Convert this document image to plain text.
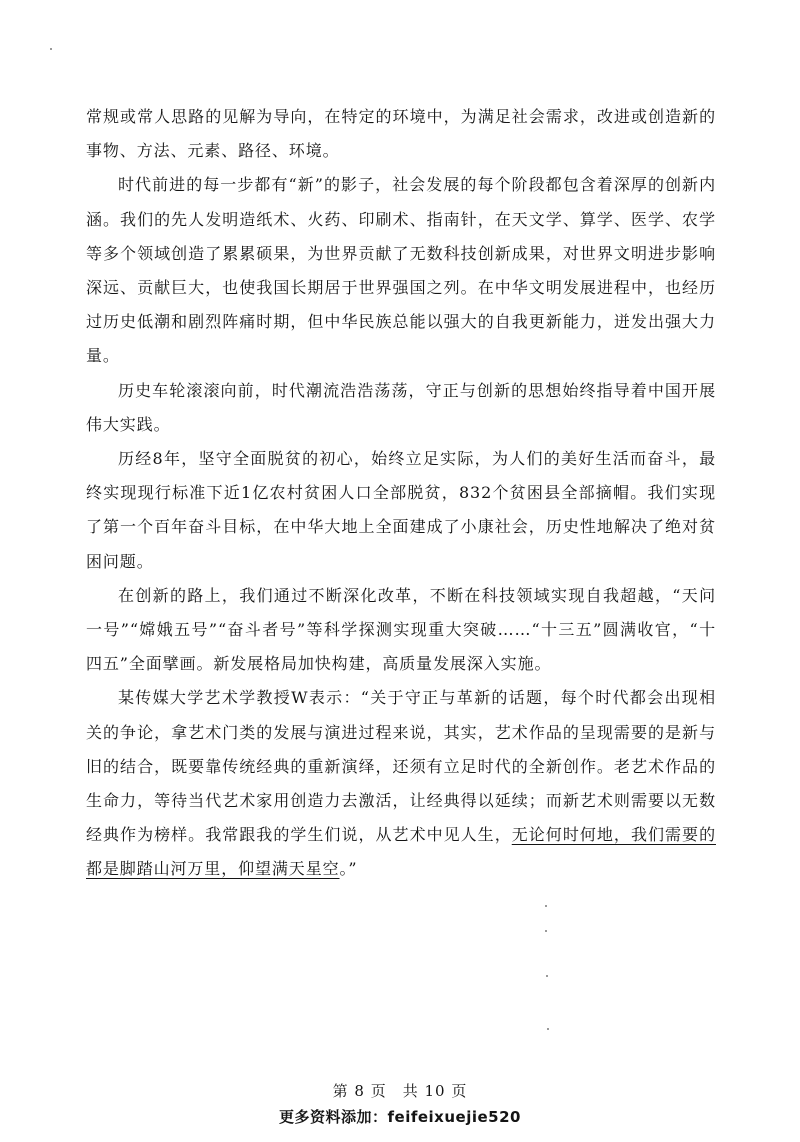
常规或常人思路的见解为导向，在特定的环境中，为满足社会需求，改进或创造新的事物、方法、元素、路径、环境。

时代前进的每一步都有“新”的影子，社会发展的每个阶段都包含着深厚的创新内涵。我们的先人发明造纸术、火药、印刷术、指南针，在天文学、算学、医学、农学等多个领域创造了累累硕果，为世界贡献了无数科技创新成果，对世界文明进步影响深远、贡献巨大，也使我国长期居于世界强国之列。在中华文明发展进程中，也经历过历史低潮和剧烈阵痛时期，但中华民族总能以强大的自我更新能力，迸发出强大力量。

历史车轮滚滚向前，时代潮流浩浩荡荡，守正与创新的思想始终指导着中国开展伟大实践。

历经8年，坚守全面脱贫的初心，始终立足实际，为人们的美好生活而奋斗，最终实现现行标准下近1亿农村贫困人口全部脱贫，832个贫困县全部摘帽。我们实现了第一个百年奋斗目标，在中华大地上全面建成了小康社会，历史性地解决了绝对贫困问题。

在创新的路上，我们通过不断深化改革，不断在科技领域实现自我超越，“天问一号”“嫦娥五号”“奋斗者号”等科学探测实现重大突破……“十三五”圆满收官，“十四五”全面擘画。新发展格局加快构建，高质量发展深入实施。

某传媒大学艺术学教授W表示：“关于守正与革新的话题，每个时代都会出现相关的争论，拿艺术门类的发展与演进过程来说，其实，艺术作品的呈现需要的是新与旧的结合，既要靠传统经典的重新演绎，还须有立足时代的全新创作。老艺术作品的生命力，等待当代艺术家用创造力去激活，让经典得以延续；而新艺术则需要以无数经典作为榜样。我常跟我的学生们说，从艺术中见人生，无论何时何地，我们需要的都是脚踏山河万里，仰望满天星空。”

第 8 页　共 10 页
更多资料添加：feifeixuejie520
